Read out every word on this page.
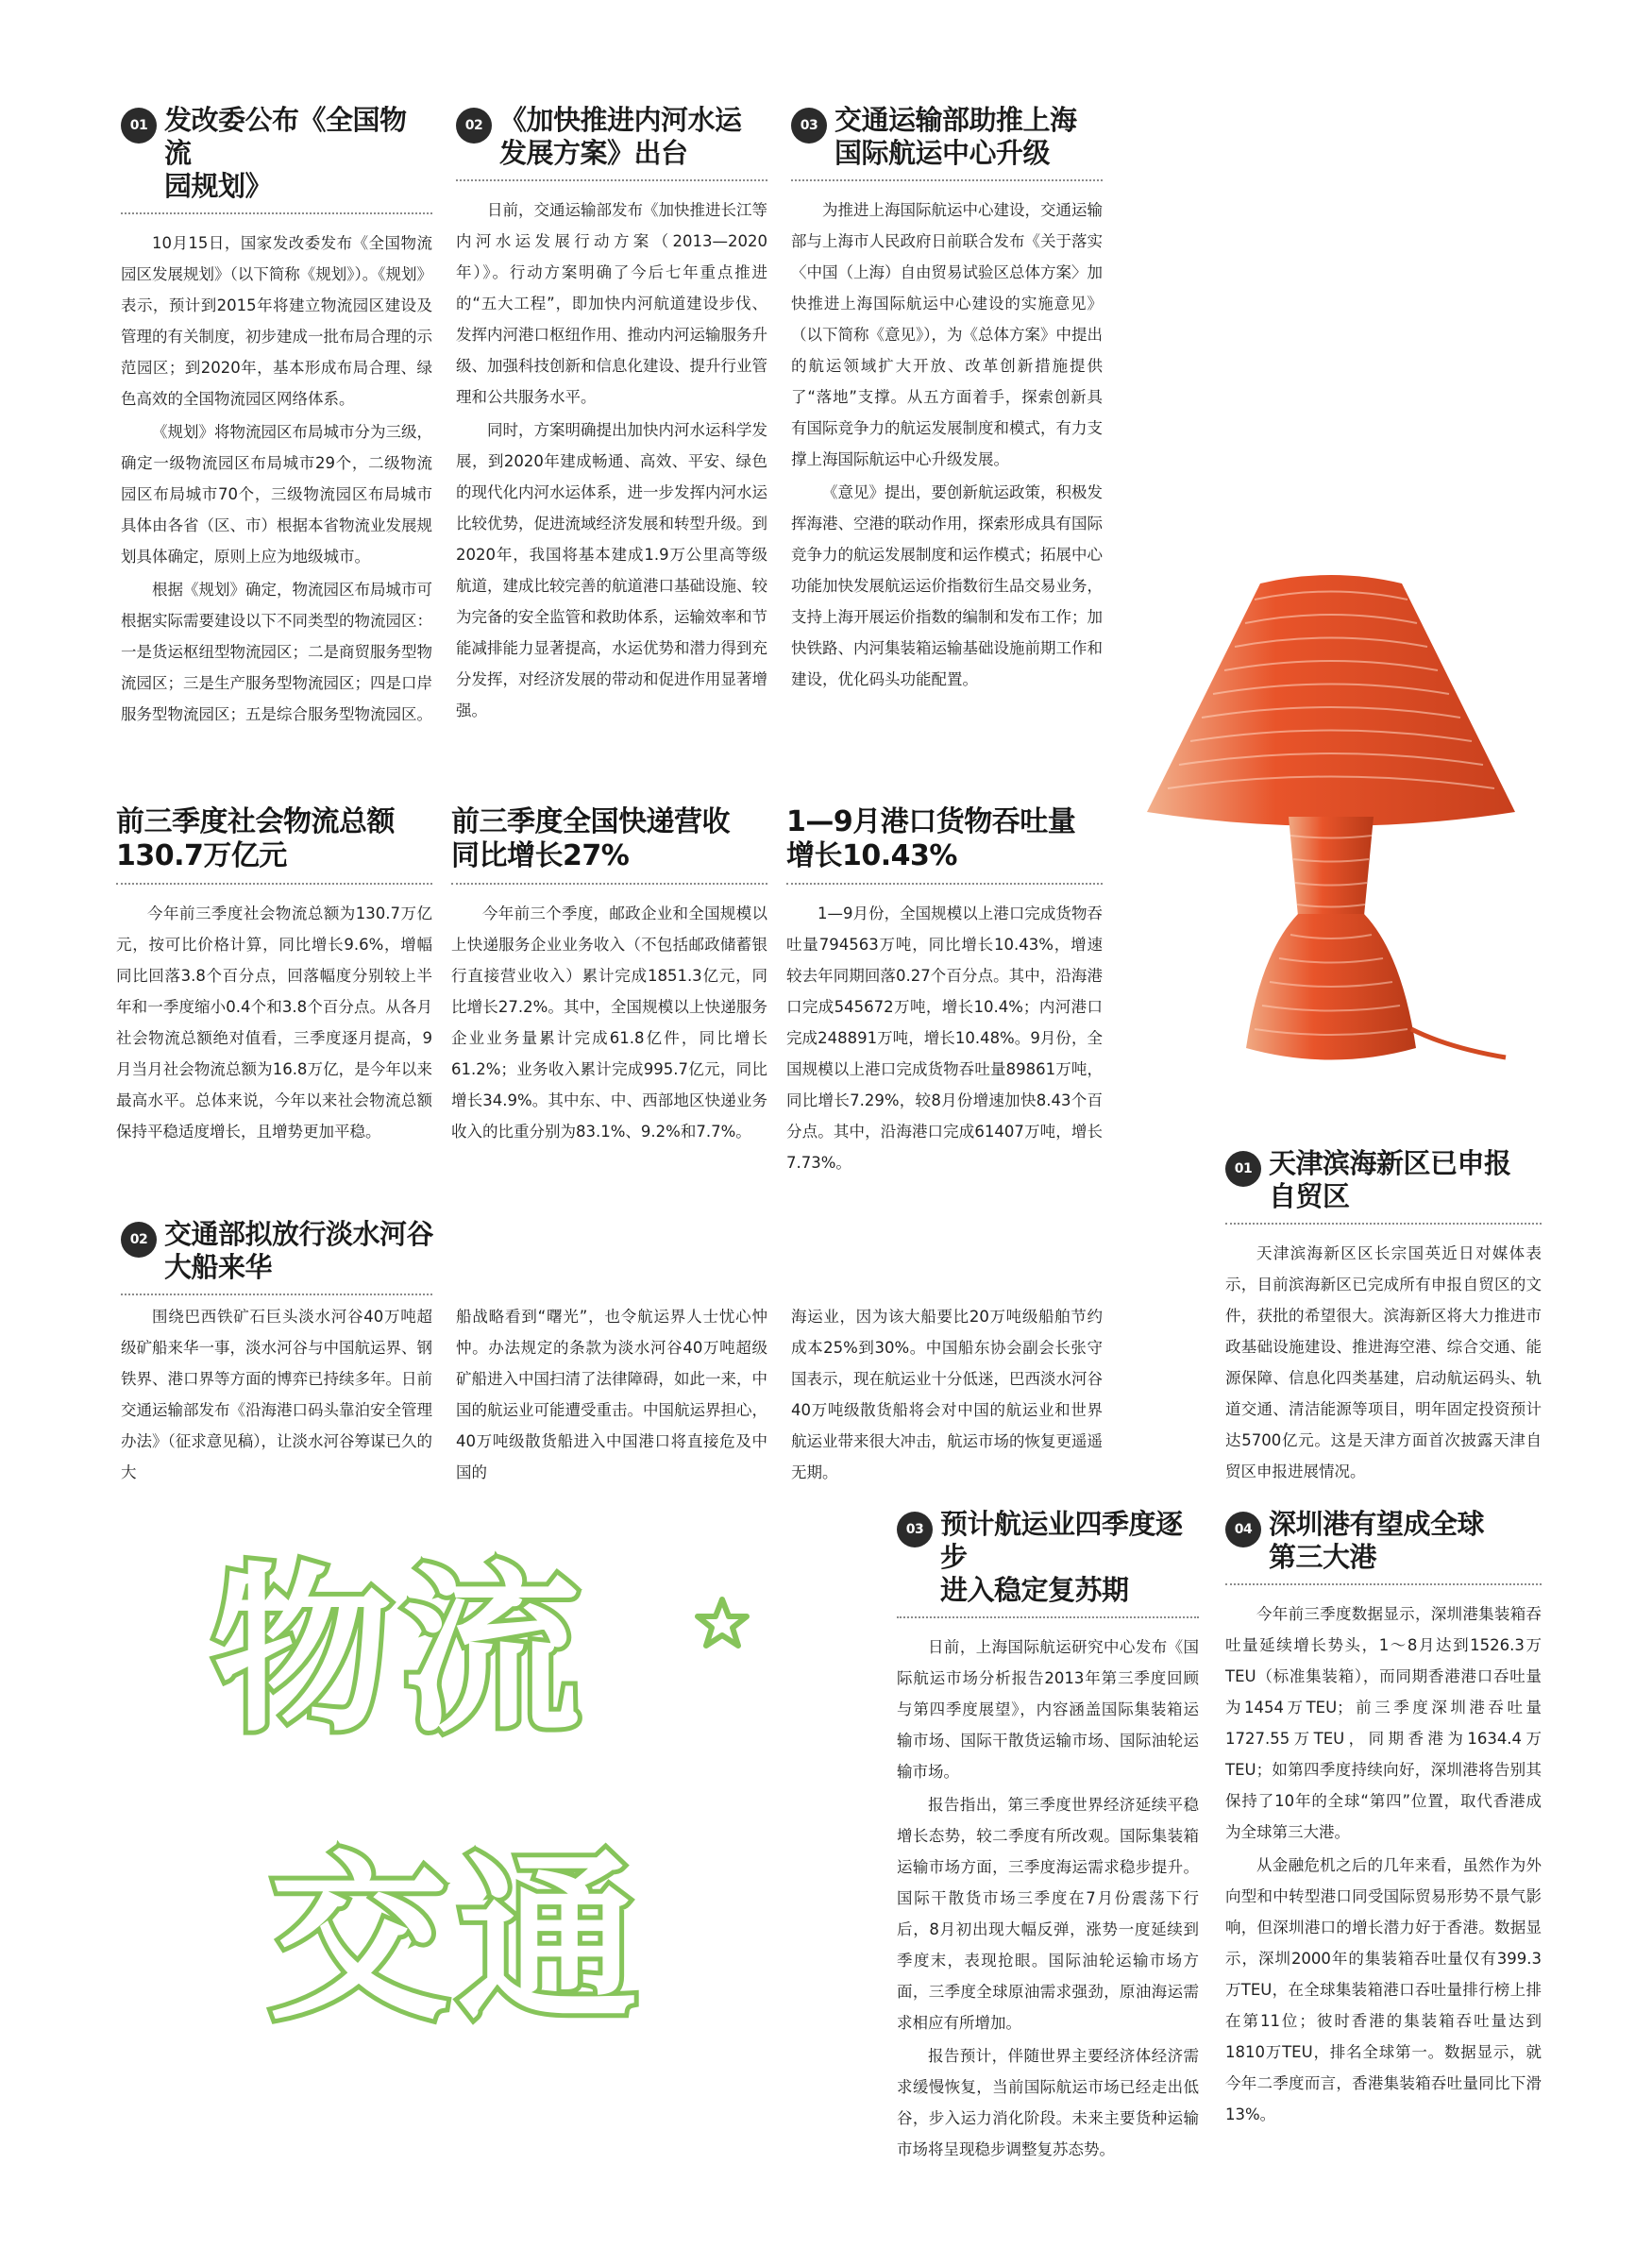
01 发改委公布《全国物流
园规划》

10月15日，国家发改委发布《全国物流园区发展规划》（以下简称《规划》）。《规划》表示，预计到2015年将建立物流园区建设及管理的有关制度，初步建成一批布局合理的示范园区；到2020年，基本形成布局合理、绿色高效的全国物流园区网络体系。

《规划》将物流园区布局城市分为三级，确定一级物流园区布局城市29个，二级物流园区布局城市70个，三级物流园区布局城市具体由各省（区、市）根据本省物流业发展规划具体确定，原则上应为地级城市。

根据《规划》确定，物流园区布局城市可根据实际需要建设以下不同类型的物流园区：一是货运枢纽型物流园区；二是商贸服务型物流园区；三是生产服务型物流园区；四是口岸服务型物流园区；五是综合服务型物流园区。

02 《加快推进内河水运
发展方案》出台

日前，交通运输部发布《加快推进长江等内河水运发展行动方案（2013—2020年）》。行动方案明确了今后七年重点推进的“五大工程”，即加快内河航道建设步伐、发挥内河港口枢纽作用、推动内河运输服务升级、加强科技创新和信息化建设、提升行业管理和公共服务水平。

同时，方案明确提出加快内河水运科学发展，到2020年建成畅通、高效、平安、绿色的现代化内河水运体系，进一步发挥内河水运比较优势，促进流域经济发展和转型升级。到2020年，我国将基本建成1.9万公里高等级航道，建成比较完善的航道港口基础设施、较为完备的安全监管和救助体系，运输效率和节能减排能力显著提高，水运优势和潜力得到充分发挥，对经济发展的带动和促进作用显著增强。

03 交通运输部助推上海
国际航运中心升级

为推进上海国际航运中心建设，交通运输部与上海市人民政府日前联合发布《关于落实〈中国（上海）自由贸易试验区总体方案〉加快推进上海国际航运中心建设的实施意见》（以下简称《意见》），为《总体方案》中提出的航运领域扩大开放、改革创新措施提供了“落地”支撑。从五方面着手，探索创新具有国际竞争力的航运发展制度和模式，有力支撑上海国际航运中心升级发展。

《意见》提出，要创新航运政策，积极发挥海港、空港的联动作用，探索形成具有国际竞争力的航运发展制度和运作模式；拓展中心功能加快发展航运运价指数衍生品交易业务，支持上海开展运价指数的编制和发布工作；加快铁路、内河集装箱运输基础设施前期工作和建设，优化码头功能配置。

前三季度社会物流总额
130.7万亿元

今年前三季度社会物流总额为130.7万亿元，按可比价格计算，同比增长9.6%，增幅同比回落3.8个百分点，回落幅度分别较上半年和一季度缩小0.4个和3.8个百分点。从各月社会物流总额绝对值看，三季度逐月提高，9月当月社会物流总额为16.8万亿，是今年以来最高水平。总体来说，今年以来社会物流总额保持平稳适度增长，且增势更加平稳。

前三季度全国快递营收
同比增长27%

今年前三个季度，邮政企业和全国规模以上快递服务企业业务收入（不包括邮政储蓄银行直接营业收入）累计完成1851.3亿元，同比增长27.2%。其中，全国规模以上快递服务企业业务量累计完成61.8亿件，同比增长61.2%；业务收入累计完成995.7亿元，同比增长34.9%。其中东、中、西部地区快递业务收入的比重分别为83.1%、9.2%和7.7%。

1—9月港口货物吞吐量
增长10.43%

1—9月份，全国规模以上港口完成货物吞吐量794563万吨，同比增长10.43%，增速较去年同期回落0.27个百分点。其中，沿海港口完成545672万吨，增长10.4%；内河港口完成248891万吨，增长10.48%。9月份，全国规模以上港口完成货物吞吐量89861万吨，同比增长7.29%，较8月份增速加快8.43个百分点。其中，沿海港口完成61407万吨，增长7.73%。

02 交通部拟放行淡水河谷
大船来华

围绕巴西铁矿石巨头淡水河谷40万吨超级矿船来华一事，淡水河谷与中国航运界、钢铁界、港口界等方面的博弈已持续多年。日前交通运输部发布《沿海港口码头靠泊安全管理办法》（征求意见稿），让淡水河谷筹谋已久的大

船战略看到“曙光”，也令航运界人士忧心忡忡。办法规定的条款为淡水河谷40万吨超级矿船进入中国扫清了法律障碍，如此一来，中国的航运业可能遭受重击。中国航运界担心，40万吨级散货船进入中国港口将直接危及中国的

海运业，因为该大船要比20万吨级船舶节约成本25%到30%。中国船东协会副会长张守国表示，现在航运业十分低迷，巴西淡水河谷40万吨级散货船将会对中国的航运业和世界航运业带来很大冲击，航运市场的恢复更遥遥无期。

01 天津滨海新区已申报
自贸区

天津滨海新区区长宗国英近日对媒体表示，目前滨海新区已完成所有申报自贸区的文件，获批的希望很大。滨海新区将大力推进市政基础设施建设、推进海空港、综合交通、能源保障、信息化四类基建，启动航运码头、轨道交通、清洁能源等项目，明年固定投资预计达5700亿元。这是天津方面首次披露天津自贸区申报进展情况。

物流
交通
03 预计航运业四季度逐步
进入稳定复苏期

日前，上海国际航运研究中心发布《国际航运市场分析报告2013年第三季度回顾与第四季度展望》，内容涵盖国际集装箱运输市场、国际干散货运输市场、国际油轮运输市场。

报告指出，第三季度世界经济延续平稳增长态势，较二季度有所改观。国际集装箱运输市场方面，三季度海运需求稳步提升。国际干散货市场三季度在7月份震荡下行后，8月初出现大幅反弹，涨势一度延续到季度末，表现抢眼。国际油轮运输市场方面，三季度全球原油需求强劲，原油海运需求相应有所增加。

报告预计，伴随世界主要经济体经济需求缓慢恢复，当前国际航运市场已经走出低谷，步入运力消化阶段。未来主要货种运输市场将呈现稳步调整复苏态势。

04 深圳港有望成全球
第三大港

今年前三季度数据显示，深圳港集装箱吞吐量延续增长势头，1～8月达到1526.3万TEU（标准集装箱），而同期香港港口吞吐量为1454万TEU；前三季度深圳港吞吐量1727.55万TEU，同期香港为1634.4万TEU；如第四季度持续向好，深圳港将告别其保持了10年的全球“第四”位置，取代香港成为全球第三大港。

从金融危机之后的几年来看，虽然作为外向型和中转型港口同受国际贸易形势不景气影响，但深圳港口的增长潜力好于香港。数据显示，深圳2000年的集装箱吞吐量仅有399.3万TEU，在全球集装箱港口吞吐量排行榜上排在第11位；彼时香港的集装箱吞吐量达到1810万TEU，排名全球第一。数据显示，就今年二季度而言，香港集装箱吞吐量同比下滑13%。
